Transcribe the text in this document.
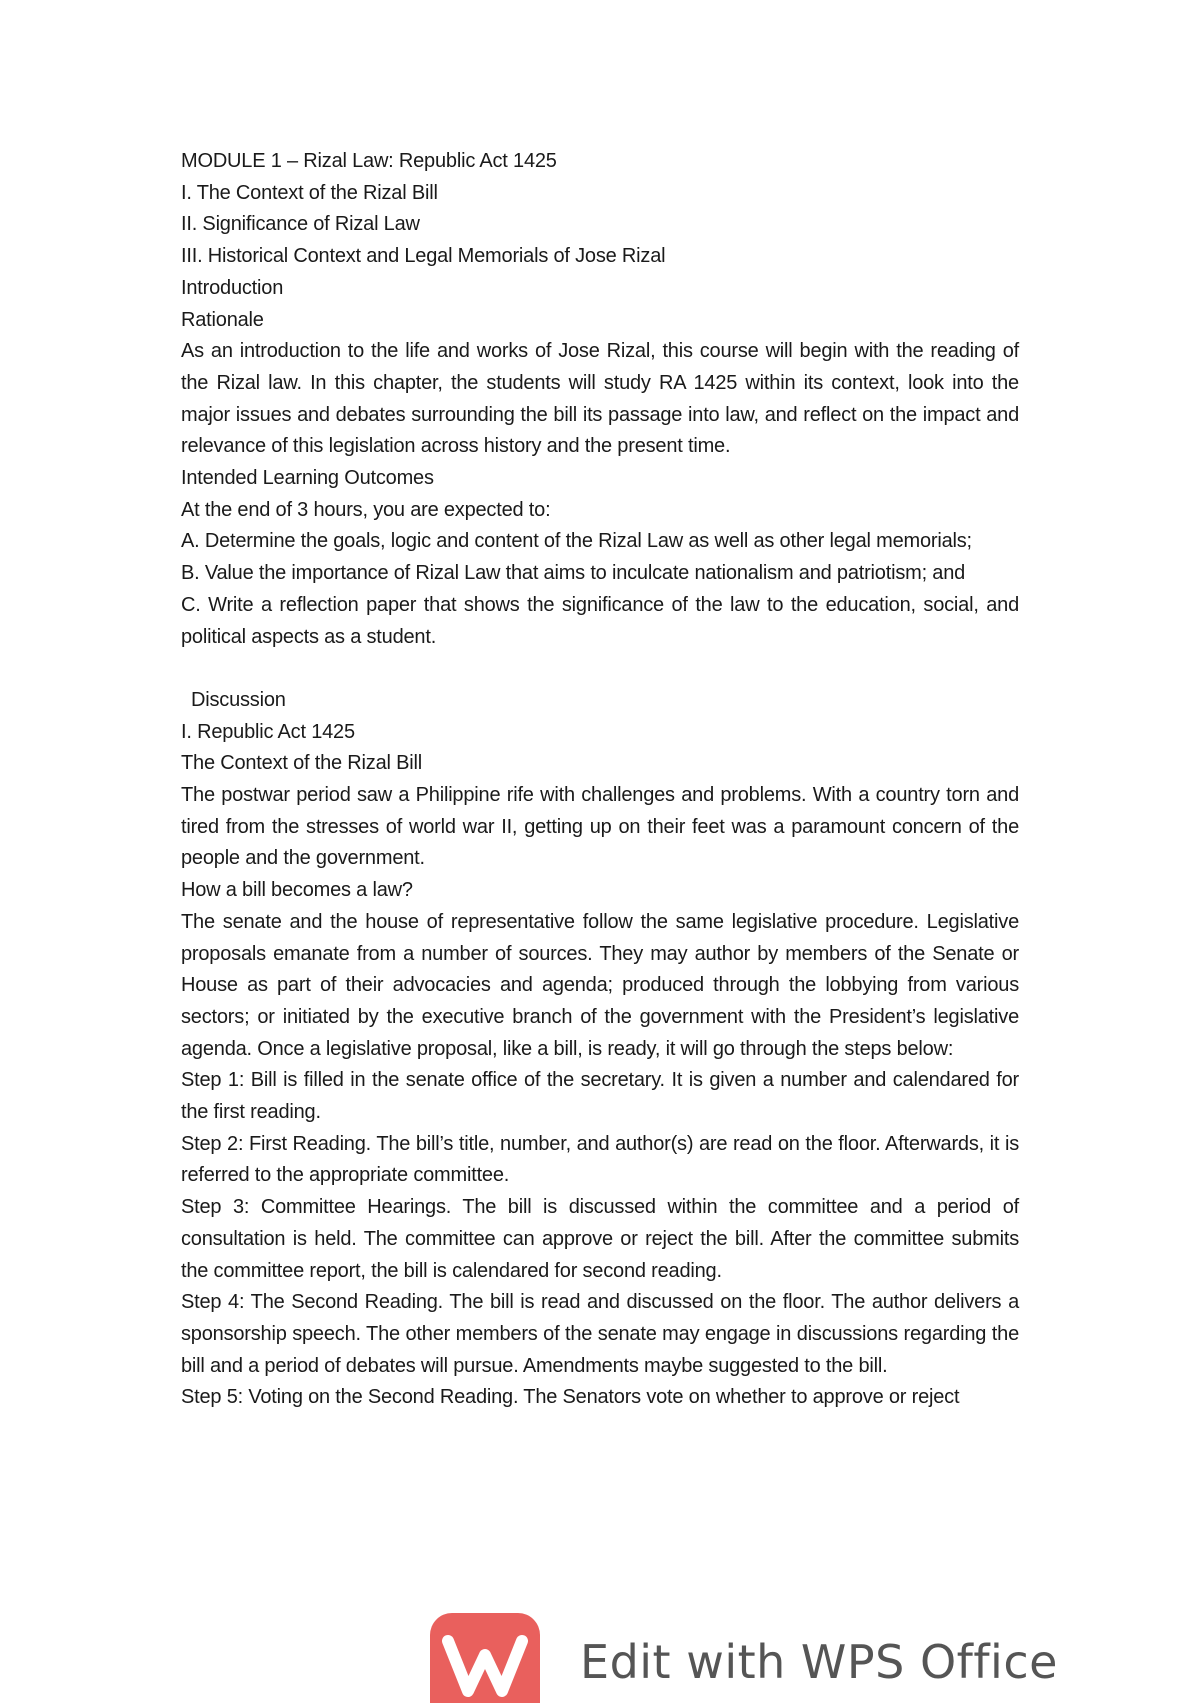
MODULE 1 – Rizal Law: Republic Act 1425

I. The Context of the Rizal Bill

II. Significance of Rizal Law

III. Historical Context and Legal Memorials of Jose Rizal

Introduction

Rationale

As an introduction to the life and works of Jose Rizal, this course will begin with the reading of the Rizal law. In this chapter, the students will study RA 1425 within its context, look into the major issues and debates surrounding the bill its passage into law, and reflect on the impact and relevance of this legislation across history and the present time.

Intended Learning Outcomes

At the end of 3 hours, you are expected to:

A. Determine the goals, logic and content of the Rizal Law as well as other legal memorials;

B. Value the importance of Rizal Law that aims to inculcate nationalism and patriotism; and

C. Write a reflection paper that shows the significance of the law to the education, social, and political aspects as a student.

Discussion

I. Republic Act 1425

The Context of the Rizal Bill

The postwar period saw a Philippine rife with challenges and problems. With a country torn and tired from the stresses of world war II, getting up on their feet was a paramount concern of the people and the government.

How a bill becomes a law?

The senate and the house of representative follow the same legislative procedure. Legislative proposals emanate from a number of sources. They may author by members of the Senate or House as part of their advocacies and agenda; produced through the lobbying from various sectors; or initiated by the executive branch of the government with the President’s legislative agenda. Once a legislative proposal, like a bill, is ready, it will go through the steps below:

Step 1: Bill is filled in the senate office of the secretary. It is given a number and calendared for the first reading.

Step 2: First Reading. The bill’s title, number, and author(s) are read on the floor. Afterwards, it is referred to the appropriate committee.

Step 3: Committee Hearings. The bill is discussed within the committee and a period of consultation is held. The committee can approve or reject the bill. After the committee submits the committee report, the bill is calendared for second reading.

Step 4: The Second Reading. The bill is read and discussed on the floor. The author delivers a sponsorship speech. The other members of the senate may engage in discussions regarding the bill and a period of debates will pursue. Amendments maybe suggested to the bill.

Step 5: Voting on the Second Reading. The Senators vote on whether to approve or reject

Edit with WPS Office
